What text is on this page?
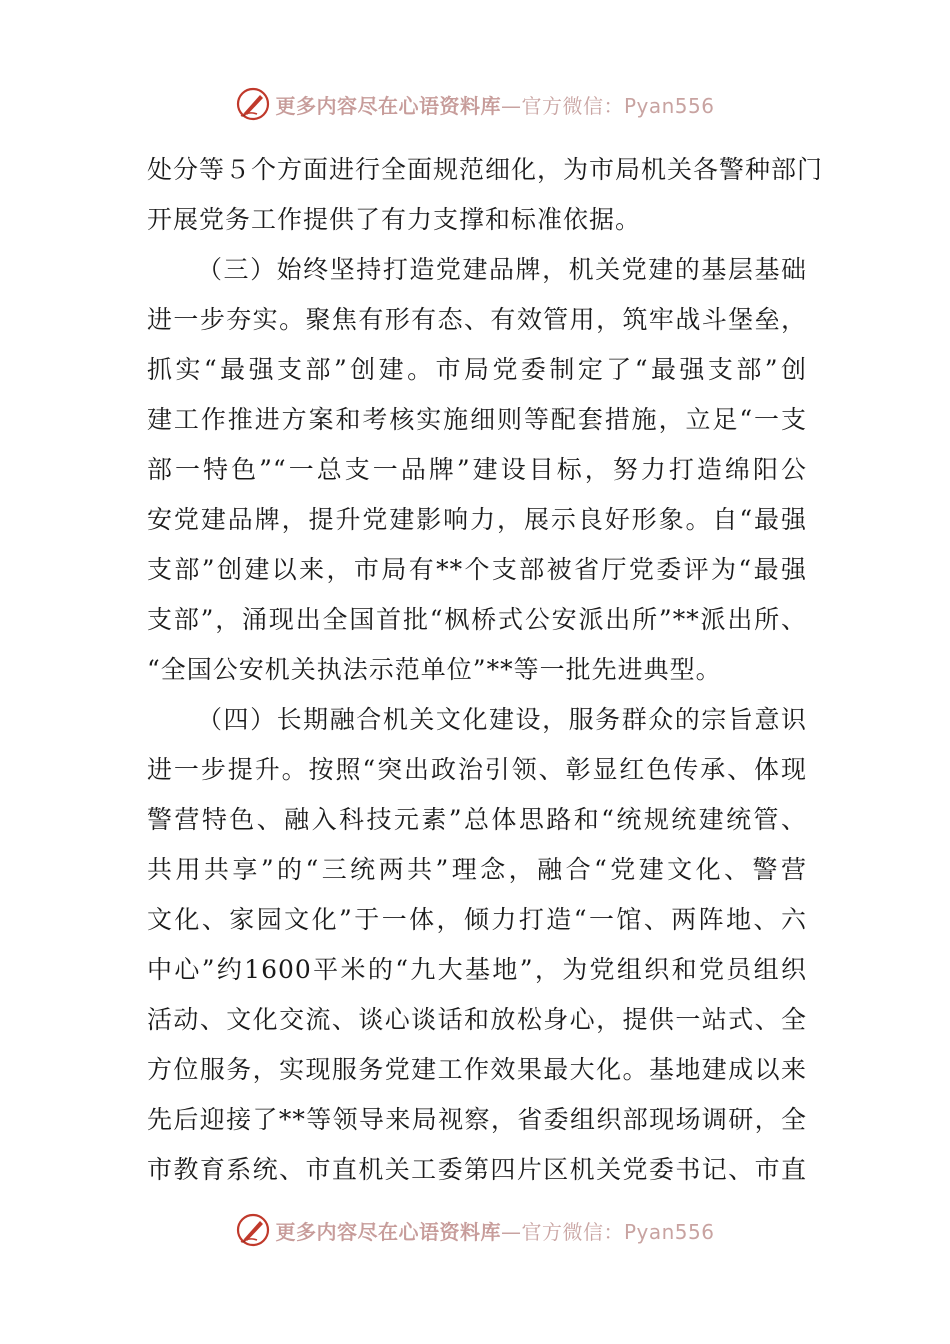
更多内容尽在心语资料库—官方微信：Pyan556
处分等５个方面进行全面规范细化，为市局机关各警种部门
开展党务工作提供了有力支撑和标准依据。
（三）始终坚持打造党建品牌，机关党建的基层基础
进一步夯实。聚焦有形有态、有效管用，筑牢战斗堡垒，
抓实“最强支部”创建。市局党委制定了“最强支部”创
建工作推进方案和考核实施细则等配套措施，立足“一支
部一特色”“一总支一品牌”建设目标，努力打造绵阳公
安党建品牌，提升党建影响力，展示良好形象。自“最强
支部”创建以来，市局有**个支部被省厅党委评为“最强
支部”，涌现出全国首批“枫桥式公安派出所”**派出所、
“全国公安机关执法示范单位”**等一批先进典型。
（四）长期融合机关文化建设，服务群众的宗旨意识
进一步提升。按照“突出政治引领、彰显红色传承、体现
警营特色、融入科技元素”总体思路和“统规统建统管、
共用共享”的“三统两共”理念，融合“党建文化、警营
文化、家园文化”于一体，倾力打造“一馆、两阵地、六
中心”约1600平米的“九大基地”，为党组织和党员组织
活动、文化交流、谈心谈话和放松身心，提供一站式、全
方位服务，实现服务党建工作效果最大化。基地建成以来
先后迎接了**等领导来局视察，省委组织部现场调研，全
市教育系统、市直机关工委第四片区机关党委书记、市直
更多内容尽在心语资料库—官方微信：Pyan556
